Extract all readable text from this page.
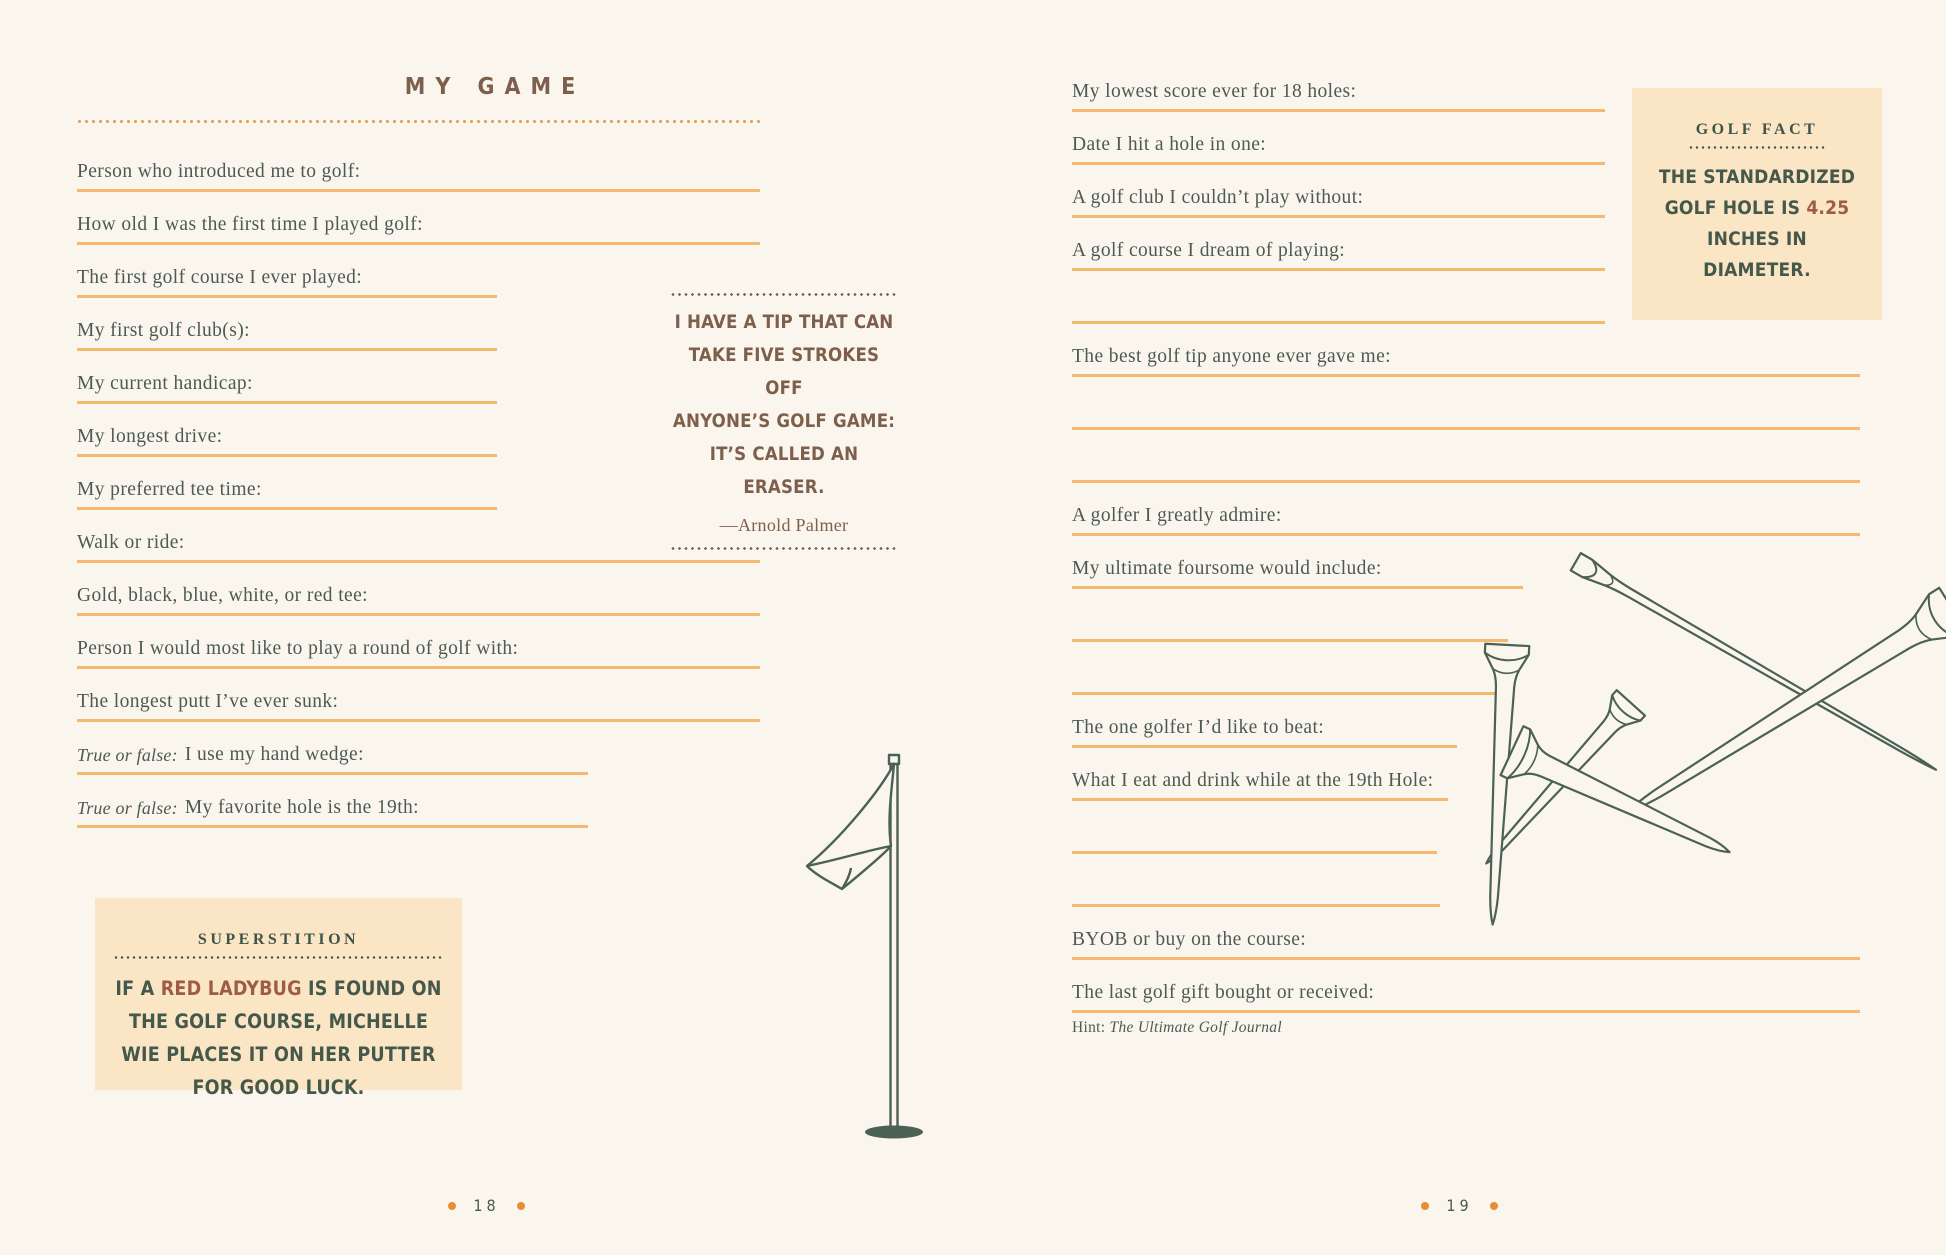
MY GAME
Person who introduced me to golf:
How old I was the first time I played golf:
The first golf course I ever played:
My first golf club(s):
My current handicap:
My longest drive:
My preferred tee time:
Walk or ride:
Gold, black, blue, white, or red tee:
Person I would most like to play a round of golf with:
The longest putt I’ve ever sunk:
True or false: I use my hand wedge:
True or false: My favorite hole is the 19th:
I HAVE A TIP THAT CAN
TAKE FIVE STROKES OFF
ANYONE’S GOLF GAME:
IT’S CALLED AN ERASER.
—Arnold Palmer
SUPERSTITION
IF A RED LADYBUG IS FOUND ON THE GOLF COURSE, MICHELLE WIE PLACES IT ON HER PUTTER FOR GOOD LUCK.
18
My lowest score ever for 18 holes:
Date I hit a hole in one:
A golf club I couldn’t play without:
A golf course I dream of playing:
The best golf tip anyone ever gave me:
A golfer I greatly admire:
My ultimate foursome would include:
The one golfer I’d like to beat:
What I eat and drink while at the 19th Hole:
BYOB or buy on the course:
The last golf gift bought or received:
Hint: The Ultimate Golf Journal
GOLF FACT
THE STANDARDIZED GOLF HOLE IS 4.25 INCHES IN DIAMETER.
19
